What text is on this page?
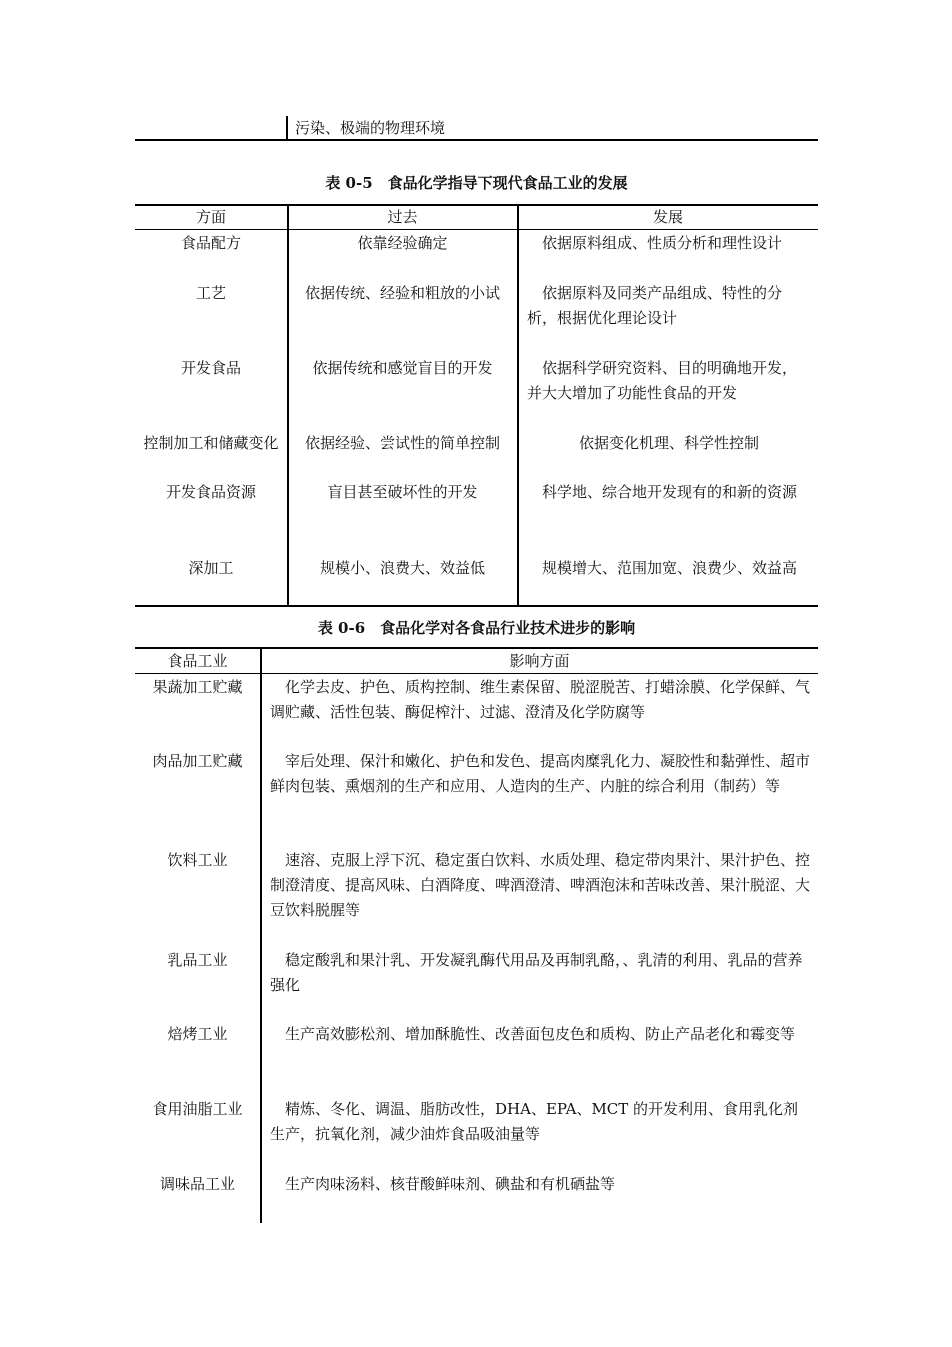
污染、极端的物理环境
表 0-5　食品化学指导下现代食品工业的发展
方面	过去	发展
食品配方	依靠经验确定	依据原料组成、性质分析和理性设计
工艺	依据传统、经验和粗放的小试	依据原料及同类产品组成、特性的分析，根据优化理论设计
开发食品	依据传统和感觉盲目的开发	依据科学研究资料、目的明确地开发，并大大增加了功能性食品的开发
控制加工和储藏变化	依据经验、尝试性的简单控制	依据变化机理、科学性控制
开发食品资源	盲目甚至破坏性的开发	科学地、综合地开发现有的和新的资源
深加工	规模小、浪费大、效益低	规模增大、范围加宽、浪费少、效益高
表 0-6　食品化学对各食品行业技术进步的影响
食品工业	影响方面
果蔬加工贮藏	化学去皮、护色、质构控制、维生素保留、脱涩脱苦、打蜡涂膜、化学保鲜、气调贮藏、活性包装、酶促榨汁、过滤、澄清及化学防腐等
肉品加工贮藏	宰后处理、保汁和嫩化、护色和发色、提高肉糜乳化力、凝胶性和黏弹性、超市鲜肉包装、熏烟剂的生产和应用、人造肉的生产、内脏的综合利用（制药）等
饮料工业	速溶、克服上浮下沉、稳定蛋白饮料、水质处理、稳定带肉果汁、果汁护色、控制澄清度、提高风味、白酒降度、啤酒澄清、啤酒泡沫和苦味改善、果汁脱涩、大豆饮料脱腥等
乳品工业	稳定酸乳和果汁乳、开发凝乳酶代用品及再制乳酪，、乳清的利用、乳品的营养强化
焙烤工业	生产高效膨松剂、增加酥脆性、改善面包皮色和质构、防止产品老化和霉变等
食用油脂工业	精炼、冬化、调温、脂肪改性，DHA、EPA、MCT 的开发利用、食用乳化剂生产，抗氧化剂，减少油炸食品吸油量等
调味品工业	生产肉味汤料、核苷酸鲜味剂、碘盐和有机硒盐等
